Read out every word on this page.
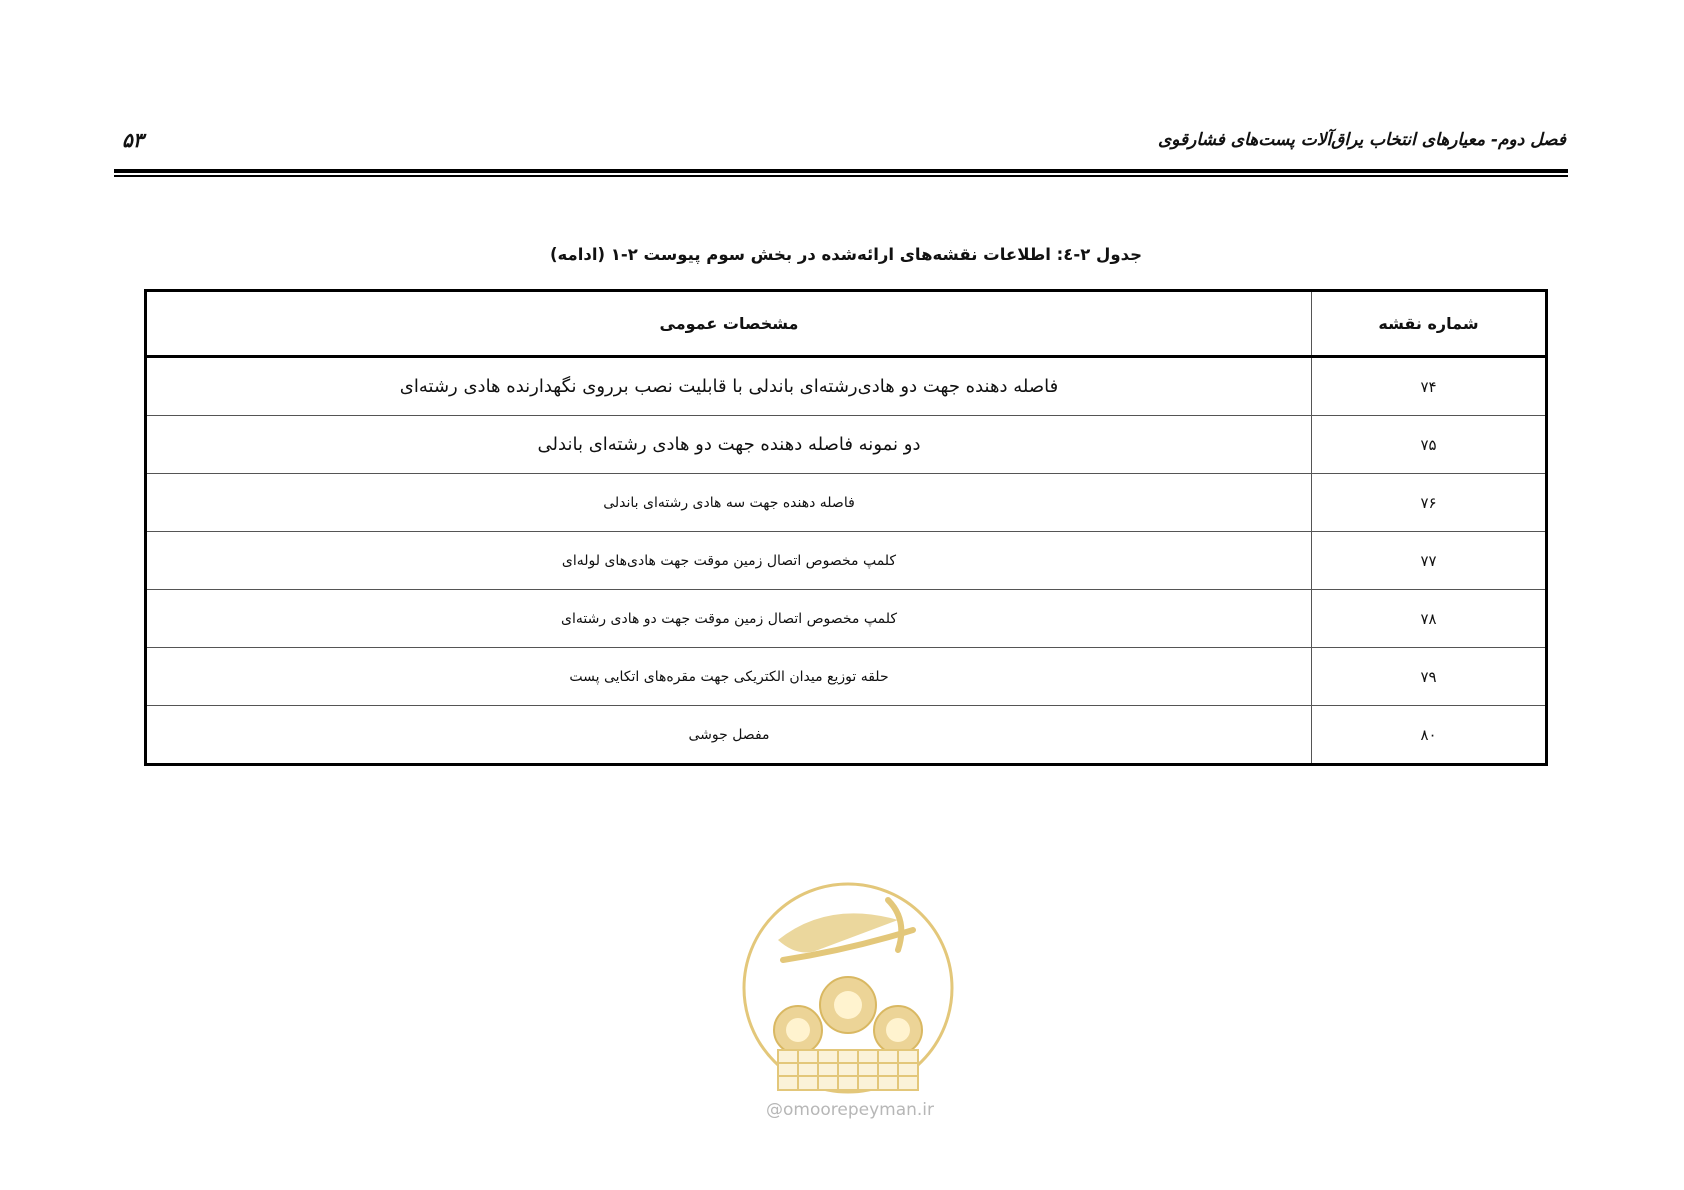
فصل دوم- معیارهای انتخاب یراق‌آلات پست‌های فشارقوی
۵۳
جدول ۲-٤: اطلاعات نقشه‌های ارائه‌شده در بخش سوم پیوست ۲-۱ (ادامه)
شماره نقشه	مشخصات عمومی
۷۴	فاصله دهنده جهت دو هادی‌رشته‌ای باندلی با قابلیت نصب برروی نگهدارنده هادی رشته‌ای
۷۵	دو نمونه فاصله دهنده جهت دو هادی رشته‌ای باندلی
۷۶	فاصله دهنده جهت سه هادی رشته‌ای باندلی
۷۷	کلمپ مخصوص اتصال زمین موقت جهت هادی‌های لوله‌ای
۷۸	کلمپ مخصوص اتصال زمین موقت جهت دو هادی رشته‌ای
۷۹	حلقه توزیع میدان الکتریکی جهت مقره‌های اتکایی پست
۸۰	مفصل جوشی
@omoorepeyman.ir
